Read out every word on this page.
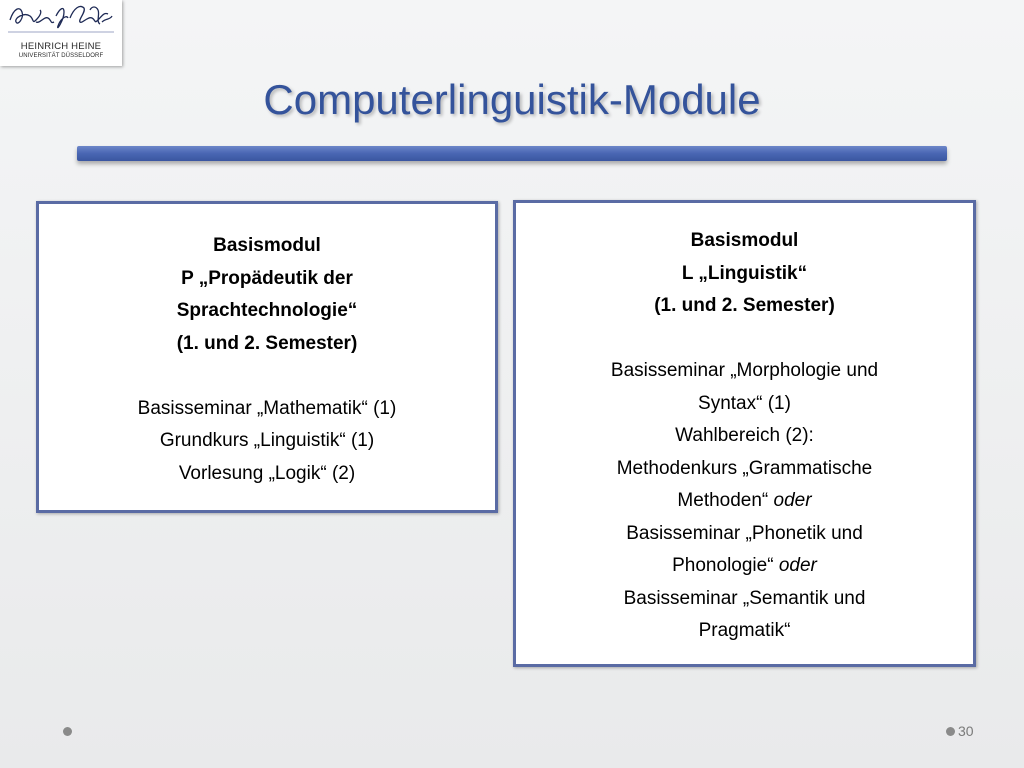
HEINRICH HEINE
UNIVERSITÄT DÜSSELDORF
Computerlinguistik-Module
Basismodul
P „Propädeutik der
Sprachtechnologie“
(1. und 2. Semester)
Basisseminar „Mathematik“ (1)
Grundkurs „Linguistik“ (1)
Vorlesung „Logik“ (2)
Basismodul
L „Linguistik“
(1. und 2. Semester)
Basisseminar „Morphologie und
Syntax“ (1)
Wahlbereich (2):
Methodenkurs „Grammatische
Methoden“ oder
Basisseminar „Phonetik und
Phonologie“ oder
Basisseminar „Semantik und
Pragmatik“
30
